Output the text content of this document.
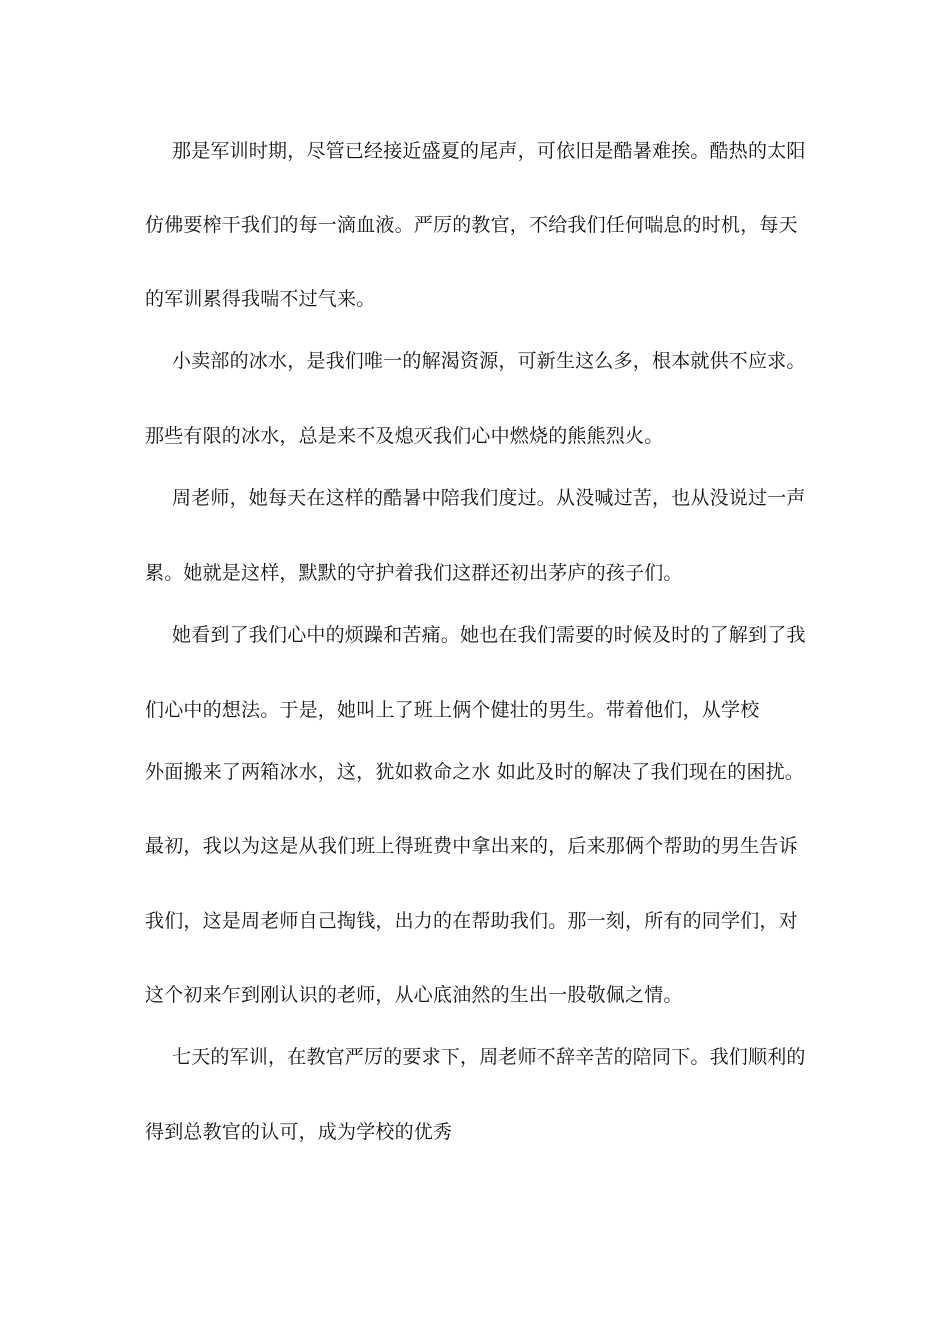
那是军训时期，尽管已经接近盛夏的尾声，可依旧是酷暑难挨。酷热的太阳
仿佛要榨干我们的每一滴血液。严厉的教官，不给我们任何喘息的时机，每天
的军训累得我喘不过气来。
小卖部的冰水，是我们唯一的解渴资源，可新生这么多，根本就供不应求。
那些有限的冰水，总是来不及熄灭我们心中燃烧的熊熊烈火。
周老师，她每天在这样的酷暑中陪我们度过。从没喊过苦，也从没说过一声
累。她就是这样，默默的守护着我们这群还初出茅庐的孩子们。
她看到了我们心中的烦躁和苦痛。她也在我们需要的时候及时的了解到了我
们心中的想法。于是，她叫上了班上俩个健壮的男生。带着他们，从学校
外面搬来了两箱冰水，这，犹如救命之水 如此及时的解决了我们现在的困扰。
最初，我以为这是从我们班上得班费中拿出来的，后来那俩个帮助的男生告诉
我们，这是周老师自己掏钱，出力的在帮助我们。那一刻，所有的同学们，对
这个初来乍到刚认识的老师，从心底油然的生出一股敬佩之情。
七天的军训，在教官严厉的要求下，周老师不辞辛苦的陪同下。我们顺利的
得到总教官的认可，成为学校的优秀
